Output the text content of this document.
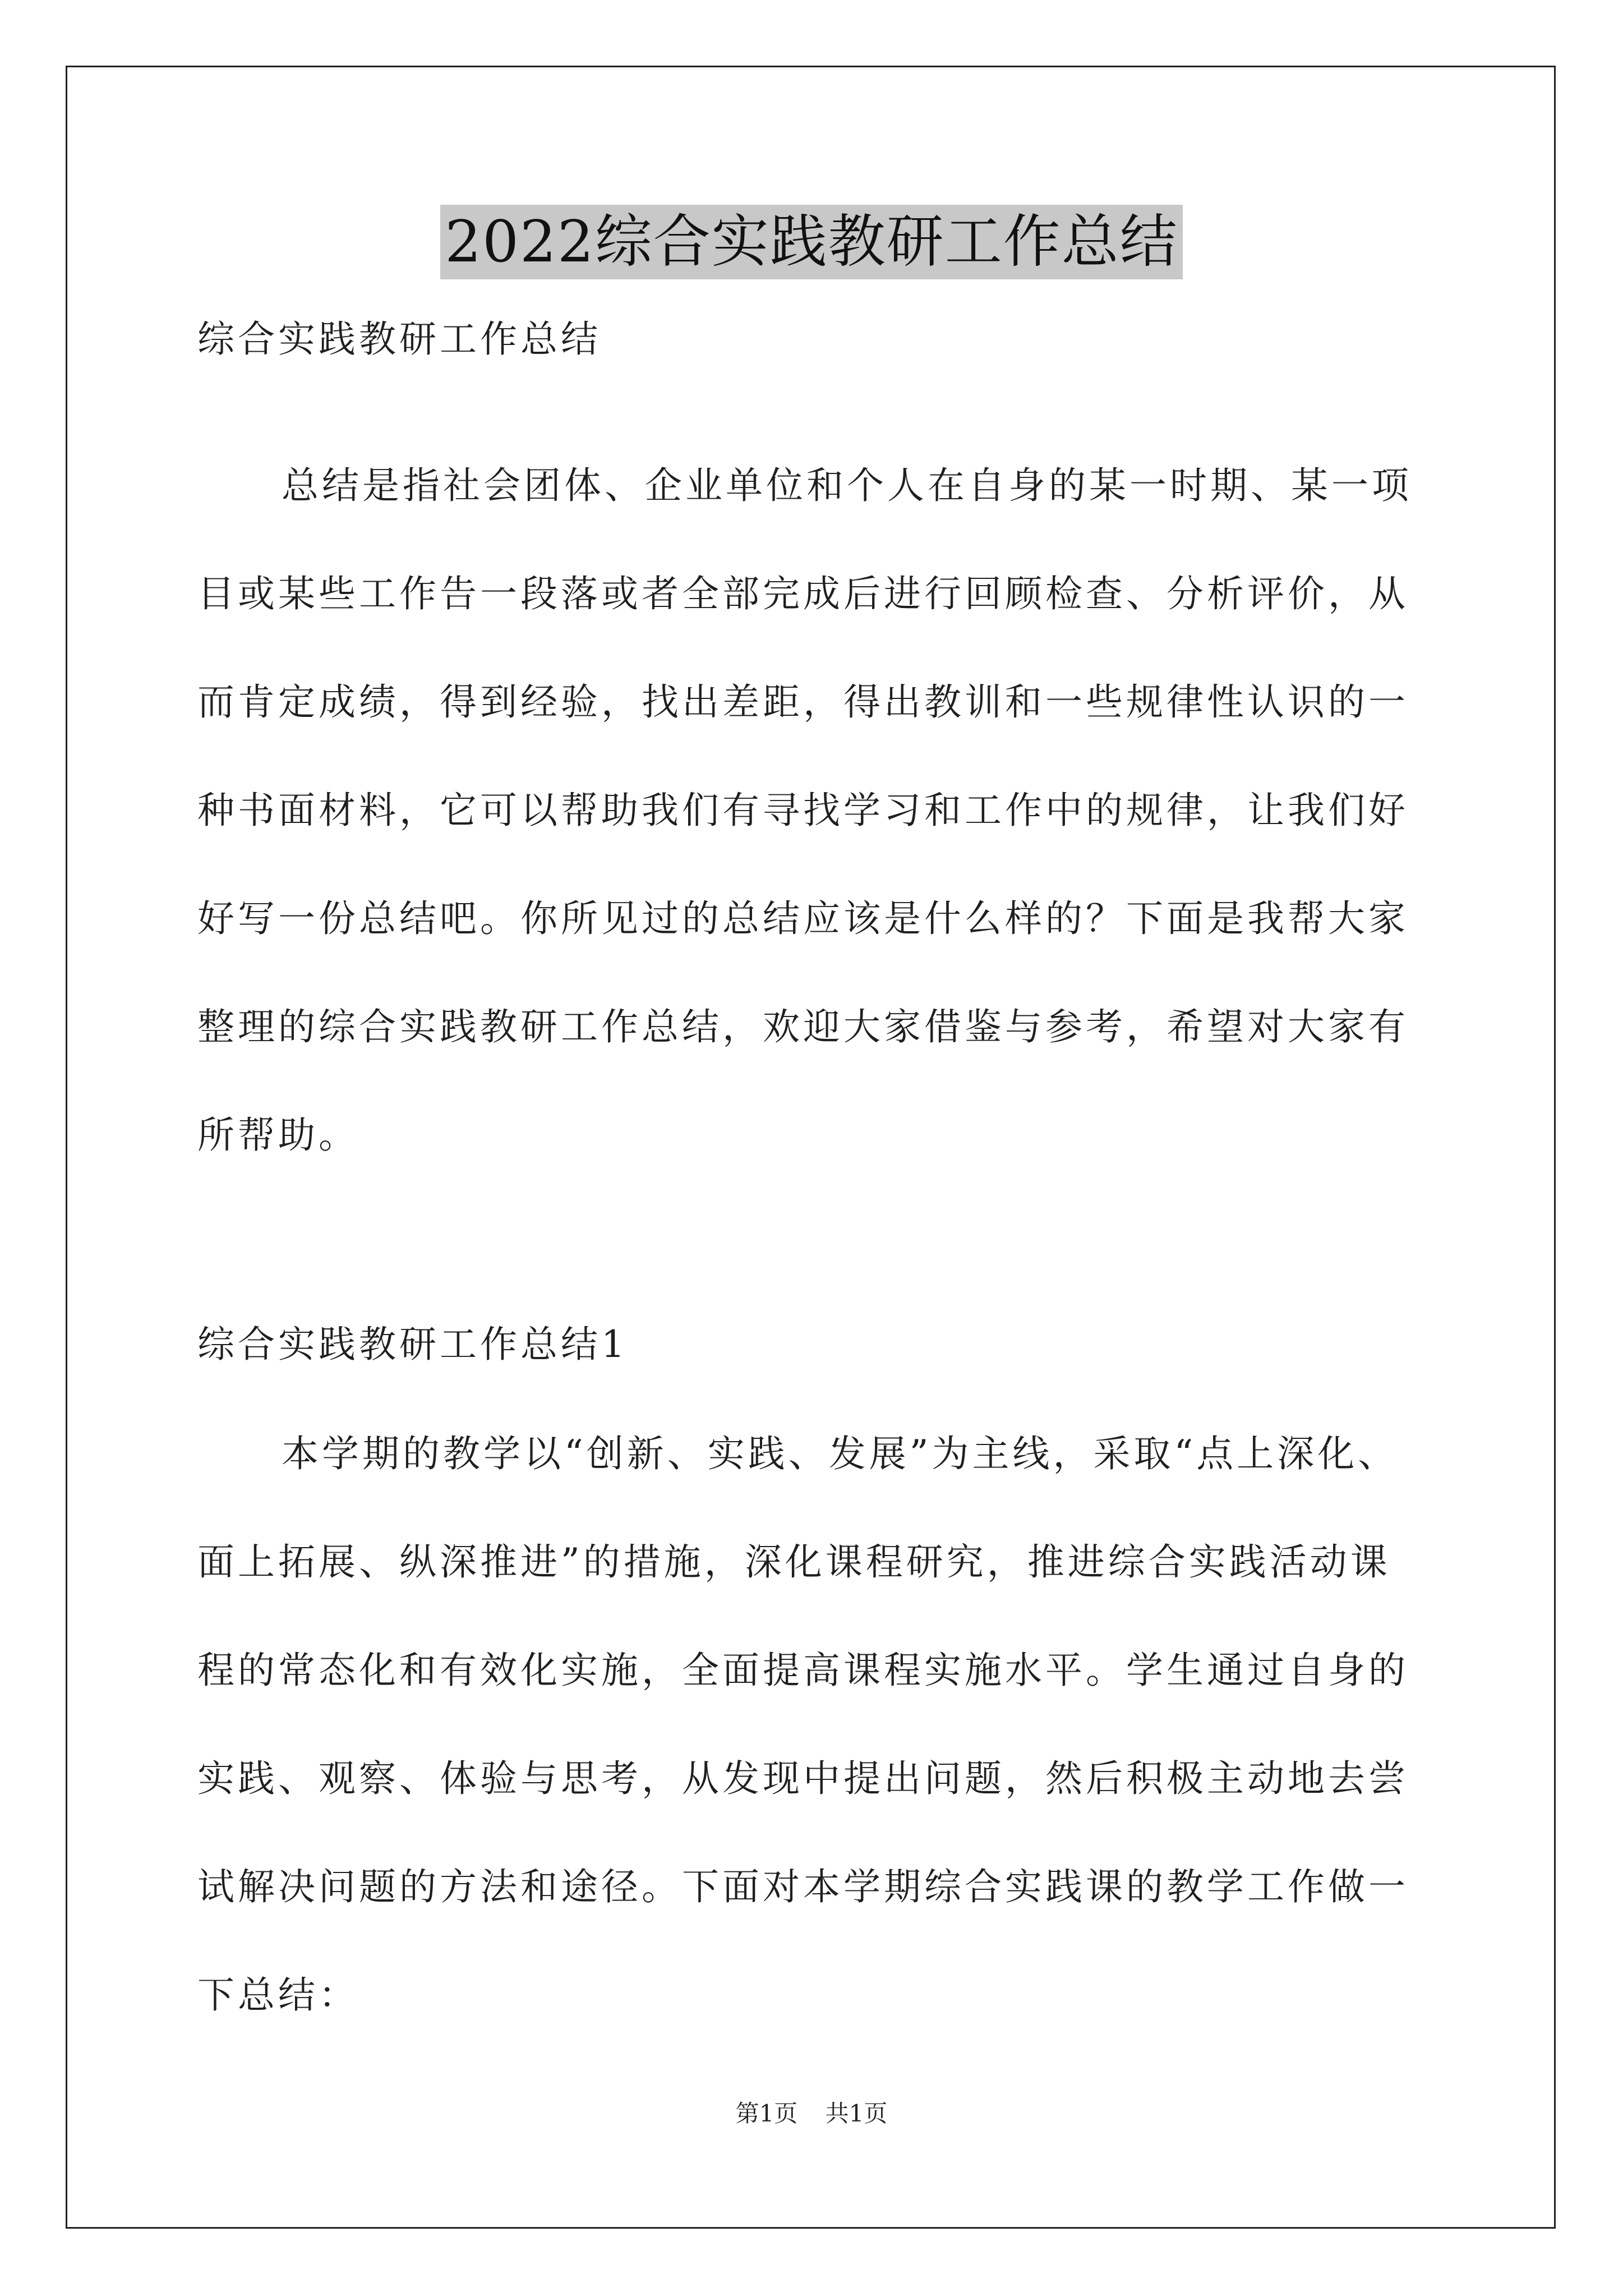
2022综合实践教研工作总结
综合实践教研工作总结
总结是指社会团体、企业单位和个人在自身的某一时期、某一项
目或某些工作告一段落或者全部完成后进行回顾检查、分析评价，从
而肯定成绩，得到经验，找出差距，得出教训和一些规律性认识的一
种书面材料，它可以帮助我们有寻找学习和工作中的规律，让我们好
好写一份总结吧。你所见过的总结应该是什么样的？下面是我帮大家
整理的综合实践教研工作总结，欢迎大家借鉴与参考，希望对大家有
所帮助。
综合实践教研工作总结1
本学期的教学以“创新、实践、发展”为主线，采取“点上深化、
面上拓展、纵深推进”的措施，深化课程研究，推进综合实践活动课
程的常态化和有效化实施，全面提高课程实施水平。学生通过自身的
实践、观察、体验与思考，从发现中提出问题，然后积极主动地去尝
试解决问题的方法和途径。下面对本学期综合实践课的教学工作做一
下总结：
第1页 共1页
